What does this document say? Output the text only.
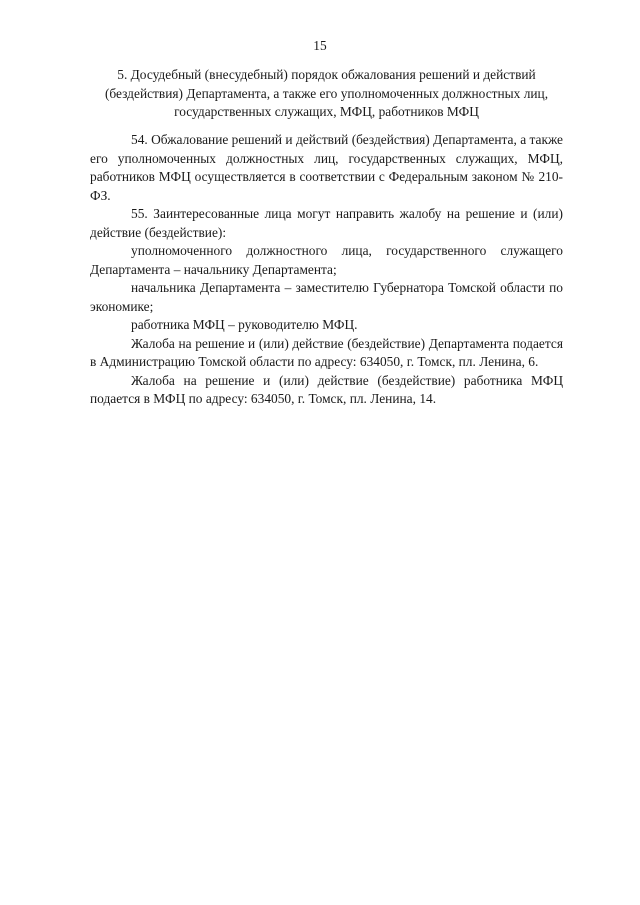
15
5. Досудебный (внесудебный) порядок обжалования решений и действий
(бездействия) Департамента, а также его уполномоченных должностных лиц,
государственных служащих, МФЦ, работников МФЦ

54. Обжалование решений и действий (бездействия) Департамента, а также его уполномоченных должностных лиц, государственных служащих, МФЦ, работников МФЦ осуществляется в соответствии с Федеральным законом № 210-ФЗ.

55. Заинтересованные лица могут направить жалобу на решение и (или) действие (бездействие):

уполномоченного должностного лица, государственного служащего Департамента – начальнику Департамента;

начальника Департамента – заместителю Губернатора Томской области по экономике;

работника МФЦ – руководителю МФЦ.

Жалоба на решение и (или) действие (бездействие) Департамента подается в Администрацию Томской области по адресу: 634050, г. Томск, пл. Ленина, 6.

Жалоба на решение и (или) действие (бездействие) работника МФЦ подается в МФЦ по адресу: 634050, г. Томск, пл. Ленина, 14.
